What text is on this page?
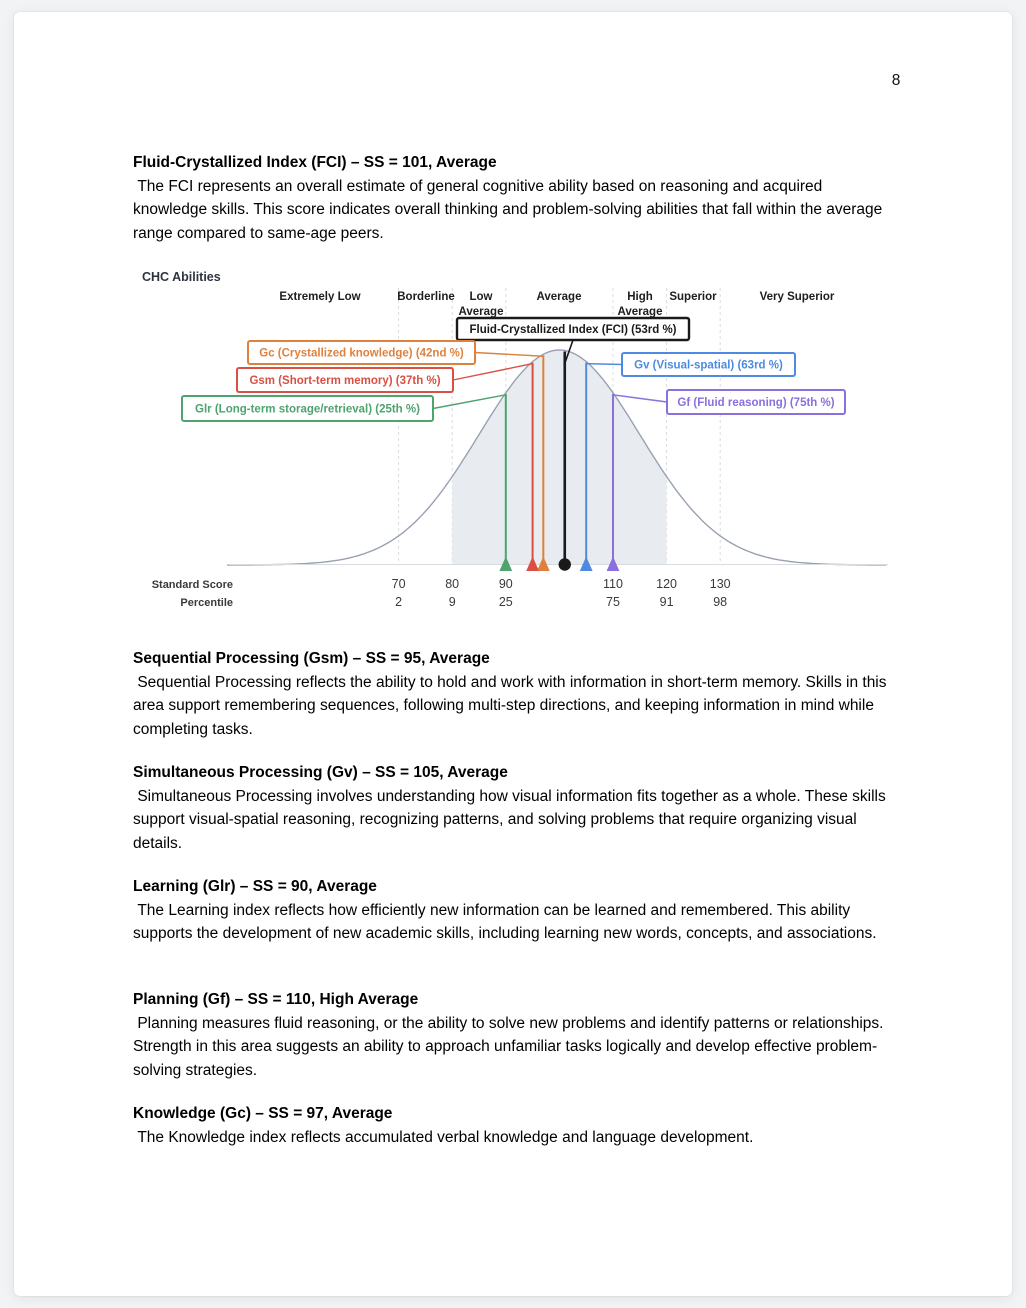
8
Fluid-Crystallized Index (FCI) – SS = 101, Average

The FCI represents an overall estimate of general cognitive ability based on reasoning and acquired knowledge skills. This score indicates overall thinking and problem-solving abilities that fall within the average range compared to same-age peers.

CHC Abilities
Extremely Low	Borderline Low
Average
Average	High
Average
Superior	Very Superior
Fluid-Crystallized Index (FCI) (53rd %)
Gc (Crystallized knowledge) (42nd %)
Gsm (Short-term memory) (37th %)
Glr (Long-term storage/retrieval) (25th %)
Gv (Visual-spatial) (63rd %)
Gf (Fluid reasoning) (75th %)
70
2
80
9
90
25
110
75
120
91
130
98
Standard Score
Percentile
Sequential Processing (Gsm) – SS = 95, Average

Sequential Processing reflects the ability to hold and work with information in short-term memory. Skills in this area support remembering sequences, following multi-step directions, and keeping information in mind while completing tasks.

Simultaneous Processing (Gv) – SS = 105, Average

Simultaneous Processing involves understanding how visual information fits together as a whole. These skills support visual-spatial reasoning, recognizing patterns, and solving problems that require organizing visual details.

Learning (Glr) – SS = 90, Average

The Learning index reflects how efficiently new information can be learned and remembered. This ability supports the development of new academic skills, including learning new words, concepts, and associations.

Planning (Gf) – SS = 110, High Average

Planning measures fluid reasoning, or the ability to solve new problems and identify patterns or relationships. Strength in this area suggests an ability to approach unfamiliar tasks logically and develop effective problem-solving strategies.

Knowledge (Gc) – SS = 97, Average

The Knowledge index reflects accumulated verbal knowledge and language development.
